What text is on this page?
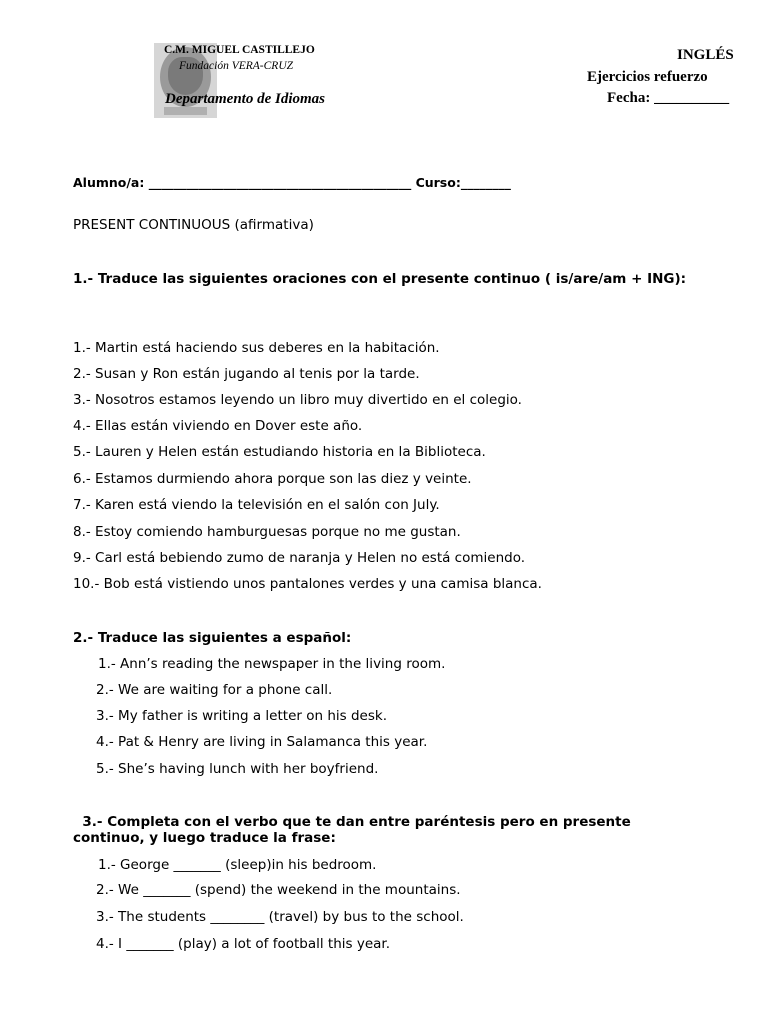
C.M. MIGUEL CASTILLEJO
Fundación VERA-CRUZ
Departamento de Idiomas
INGLÉS
Ejercicios refuerzo
Fecha: __________
Alumno/a: __________________________________________ Curso:________
PRESENT CONTINUOUS (afirmativa)
1.- Traduce las siguientes oraciones con el presente continuo ( is/are/am + ING):
1.- Martin está haciendo sus deberes en la habitación.
2.- Susan y Ron están jugando al tenis por la tarde.
3.- Nosotros estamos leyendo un libro muy divertido en el colegio.
4.- Ellas están viviendo en Dover este año.
5.- Lauren y Helen están estudiando historia en la Biblioteca.
6.- Estamos durmiendo ahora porque son las diez y veinte.
7.- Karen está viendo la televisión en el salón con July.
8.- Estoy comiendo hamburguesas porque no me gustan.
9.- Carl está bebiendo zumo de naranja y Helen no está comiendo.
10.- Bob está vistiendo unos pantalones verdes y una camisa blanca.
2.- Traduce las siguientes a español:
1.- Ann’s reading the newspaper in the living room.
2.- We are waiting for a phone call.
3.- My father is writing a letter on his desk.
4.- Pat & Henry are living in Salamanca this year.
5.- She’s having lunch with her boyfriend.
3.- Completa con el verbo que te dan entre paréntesis pero en presente
continuo, y luego traduce la frase:
1.- George _______ (sleep)in his bedroom.
2.- We _______ (spend) the weekend in the mountains.
3.- The students ________ (travel) by bus to the school.
4.- I _______ (play) a lot of football this year.
